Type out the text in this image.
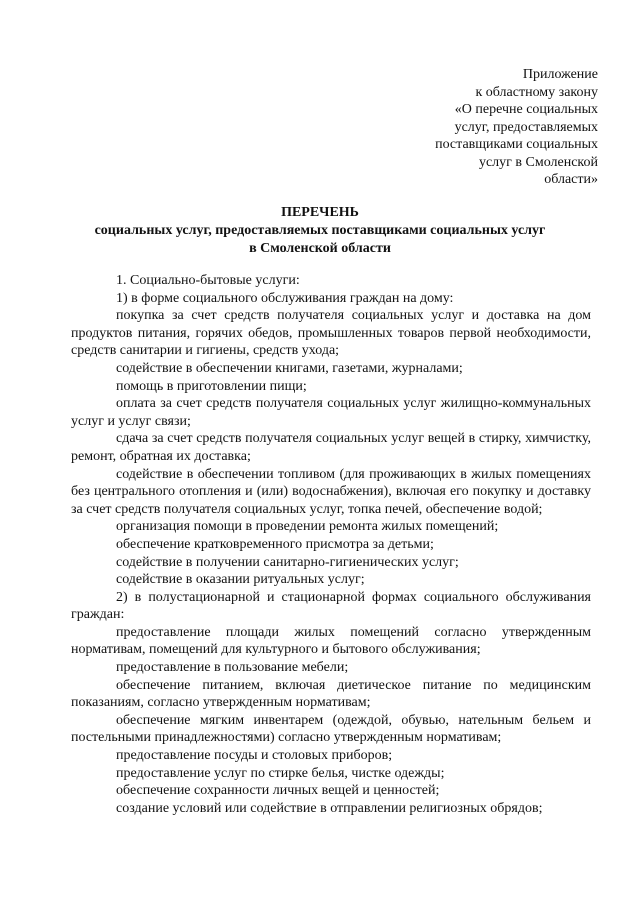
Приложение
к областному закону
«О перечне социальных
услуг, предоставляемых
поставщиками социальных
услуг в Смоленской
области»
ПЕРЕЧЕНЬ
социальных услуг, предоставляемых поставщиками социальных услуг
в Смоленской области

1. Социально-бытовые услуги:

1) в форме социального обслуживания граждан на дому:

покупка за счет средств получателя социальных услуг и доставка на дом продуктов питания, горячих обедов, промышленных товаров первой необходимости, средств санитарии и гигиены, средств ухода;

содействие в обеспечении книгами, газетами, журналами;

помощь в приготовлении пищи;

оплата за счет средств получателя социальных услуг жилищно-коммунальных услуг и услуг связи;

сдача за счет средств получателя социальных услуг вещей в стирку, химчистку, ремонт, обратная их доставка;

содействие в обеспечении топливом (для проживающих в жилых помещениях без центрального отопления и (или) водоснабжения), включая его покупку и доставку за счет средств получателя социальных услуг, топка печей, обеспечение водой;

организация помощи в проведении ремонта жилых помещений;

обеспечение кратковременного присмотра за детьми;

содействие в получении санитарно-гигиенических услуг;

содействие в оказании ритуальных услуг;

2) в полустационарной и стационарной формах социального обслуживания граждан:

предоставление площади жилых помещений согласно утвержденным нормативам, помещений для культурного и бытового обслуживания;

предоставление в пользование мебели;

обеспечение питанием, включая диетическое питание по медицинским показаниям, согласно утвержденным нормативам;

обеспечение мягким инвентарем (одеждой, обувью, нательным бельем и постельными принадлежностями) согласно утвержденным нормативам;

предоставление посуды и столовых приборов;

предоставление услуг по стирке белья, чистке одежды;

обеспечение сохранности личных вещей и ценностей;

создание условий или содействие в отправлении религиозных обрядов;
